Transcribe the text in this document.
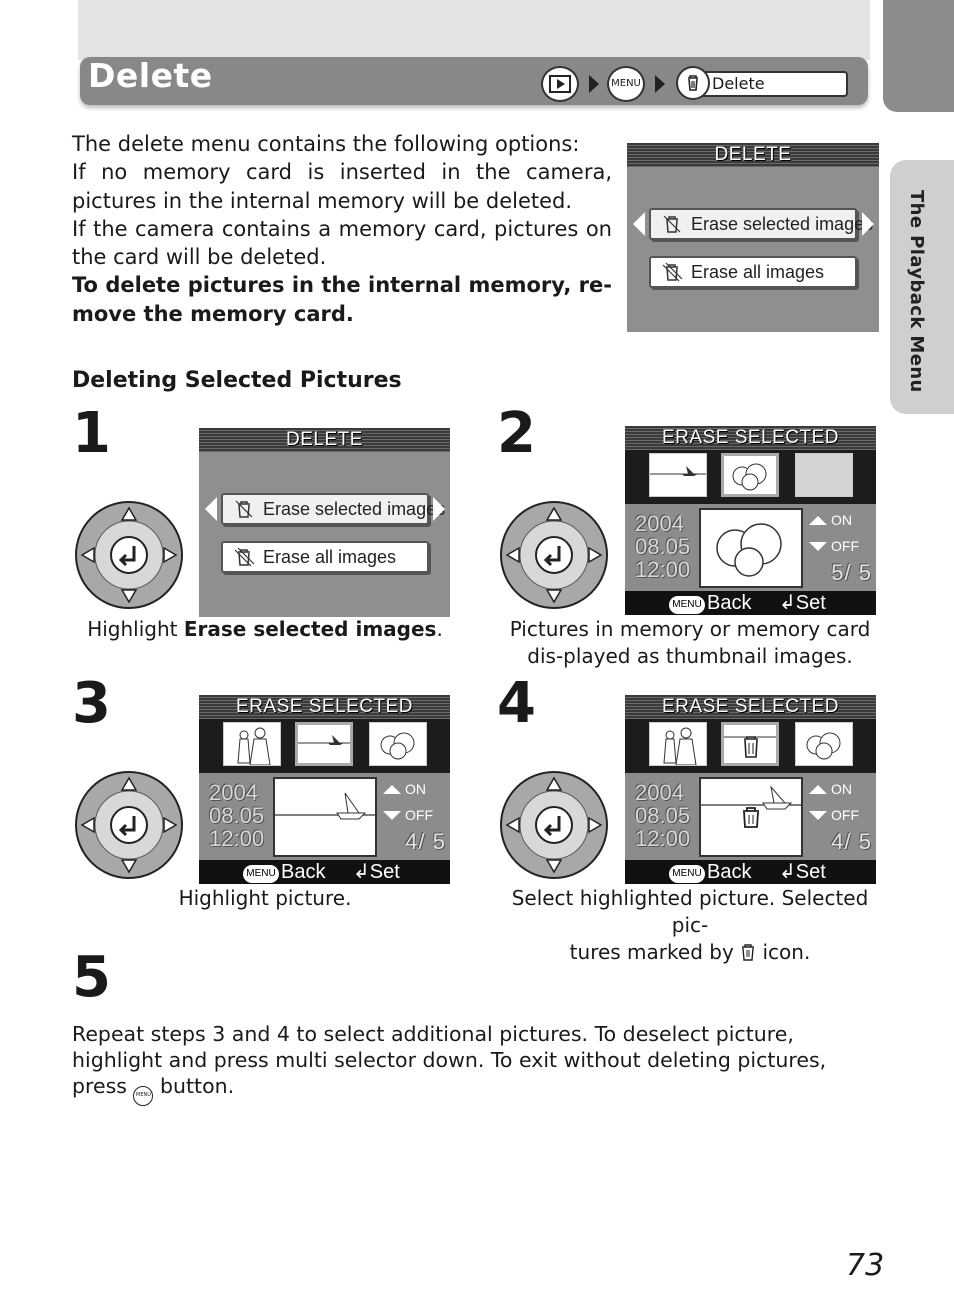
Delete	MENU	Delete
The Playback Menu

The delete menu contains the following options:

If no memory card is inserted in the camera, pictures in the internal memory will be deleted.

If the camera contains a memory card, pictures on the card will be deleted.

To delete pictures in the internal memory, re-move the memory card.

DELETE
Erase selected images
Erase all images
Deleting Selected Pictures
1	DELETE
Erase selected images
Erase all images
Highlight Erase selected images.
2	ERASE SELECTED
2004
08.05
12:00
ON
OFF
5/ 5
MENU Back ↲Set
Pictures in memory or memory card dis-played as thumbnail images.
3	ERASE SELECTED
2004
08.05
12:00
ON
OFF
4/ 5
MENU Back ↲Set
Highlight picture.
4	ERASE SELECTED
2004
08.05
12:00
ON
OFF
4/ 5
MENU Back ↲Set
Select highlighted picture. Selected pic-
tures marked by  icon.
5
Repeat steps 3 and 4 to select additional pictures. To deselect picture, highlight and press multi selector down. To exit without deleting pictures, press MENU button.
73
